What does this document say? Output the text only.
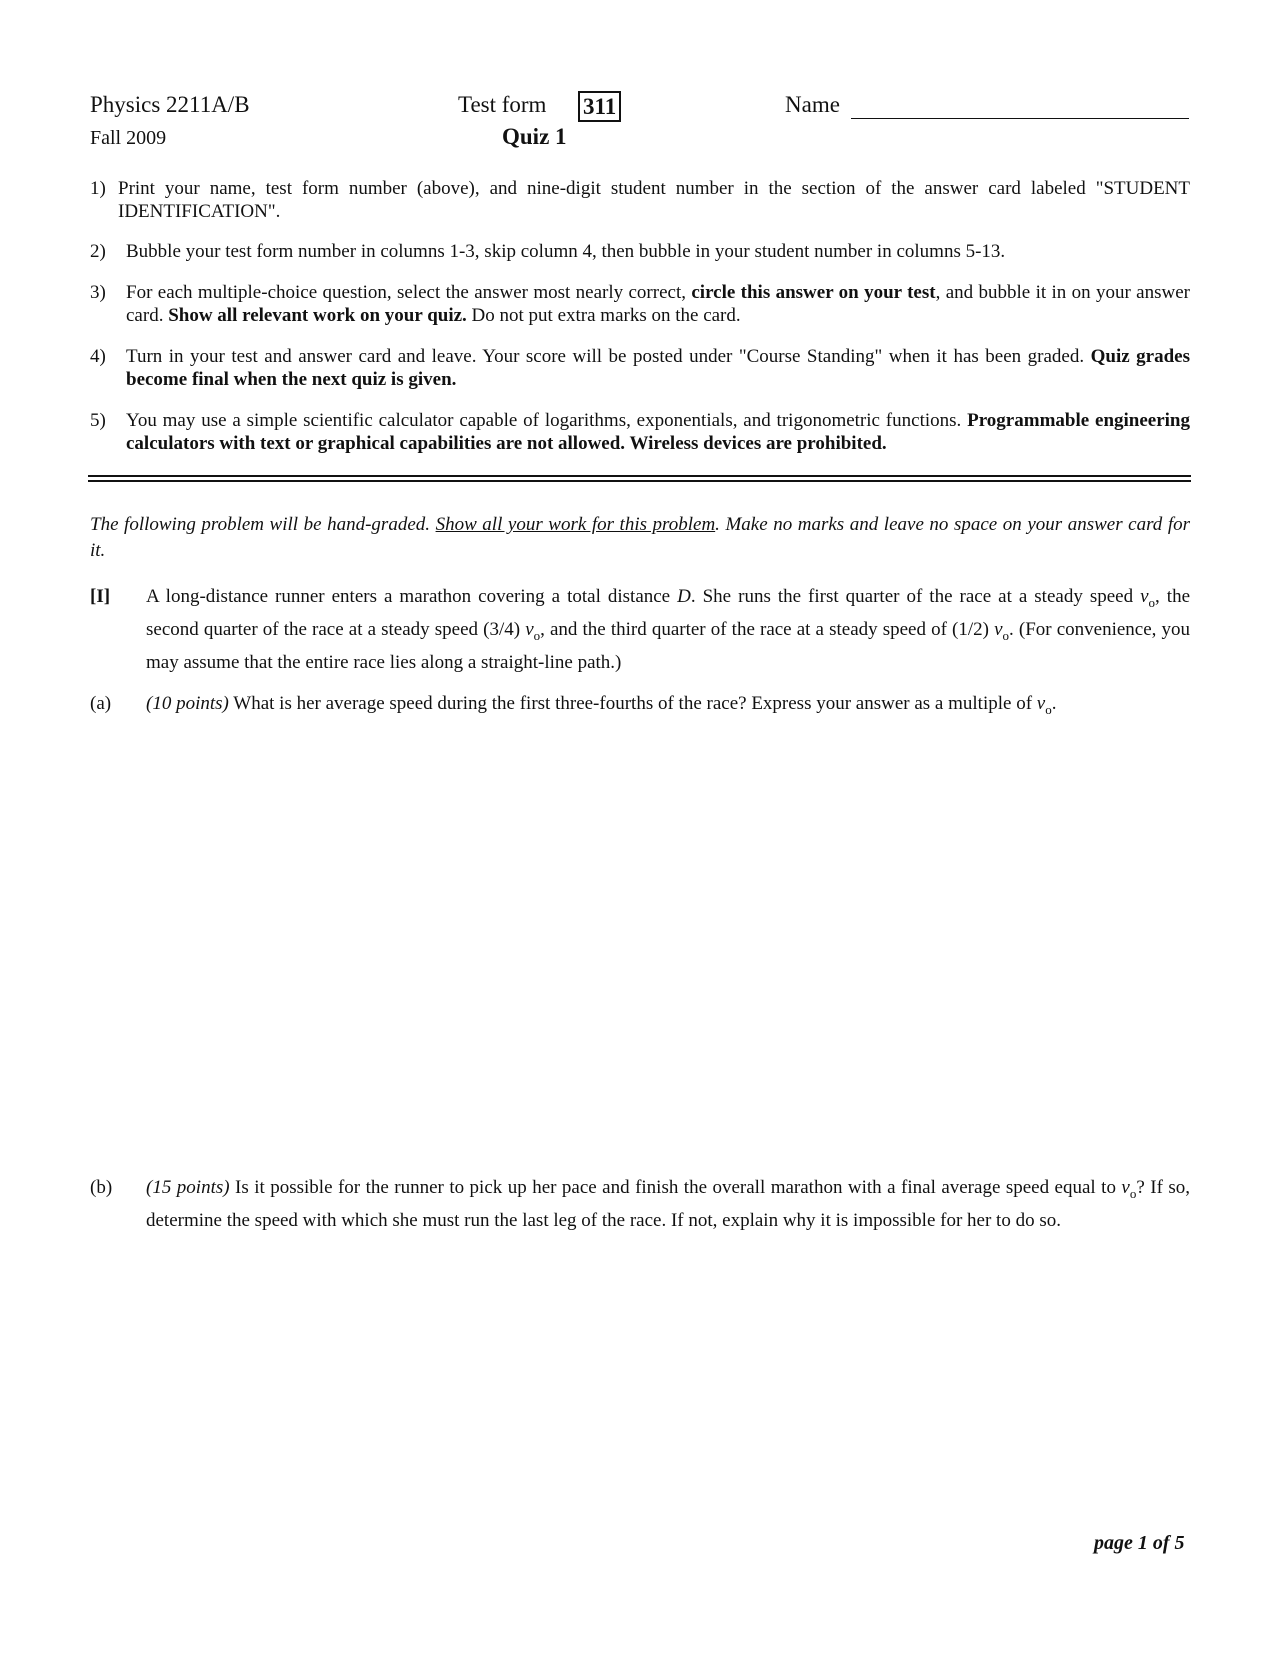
Physics 2211A/B
Fall 2009
Test form 311
Quiz 1
Name
1) Print your name, test form number (above), and nine-digit student number in the section of the answer card labeled "STUDENT IDENTIFICATION".
2) Bubble your test form number in columns 1-3, skip column 4, then bubble in your student number in columns 5-13.
3) For each multiple-choice question, select the answer most nearly correct, circle this answer on your test, and bubble it in on your answer card. Show all relevant work on your quiz. Do not put extra marks on the card.
4) Turn in your test and answer card and leave. Your score will be posted under "Course Standing" when it has been graded. Quiz grades become final when the next quiz is given.
5) You may use a simple scientific calculator capable of logarithms, exponentials, and trigonometric functions. Programmable engineering calculators with text or graphical capabilities are not allowed. Wireless devices are prohibited.
The following problem will be hand-graded. Show all your work for this problem. Make no marks and leave no space on your answer card for it.
[I] A long-distance runner enters a marathon covering a total distance D. She runs the first quarter of the race at a steady speed $v_o$, the second quarter of the race at a steady speed (3/4) $v_o$, and the third quarter of the race at a steady speed of (1/2) $v_o$. (For convenience, you may assume that the entire race lies along a straight-line path.)
(a) (10 points) What is her average speed during the first three-fourths of the race? Express your answer as a multiple of $v_o$.
(b) (15 points) Is it possible for the runner to pick up her pace and finish the overall marathon with a final average speed equal to $v_o$? If so, determine the speed with which she must run the last leg of the race. If not, explain why it is impossible for her to do so.
page 1 of 5
